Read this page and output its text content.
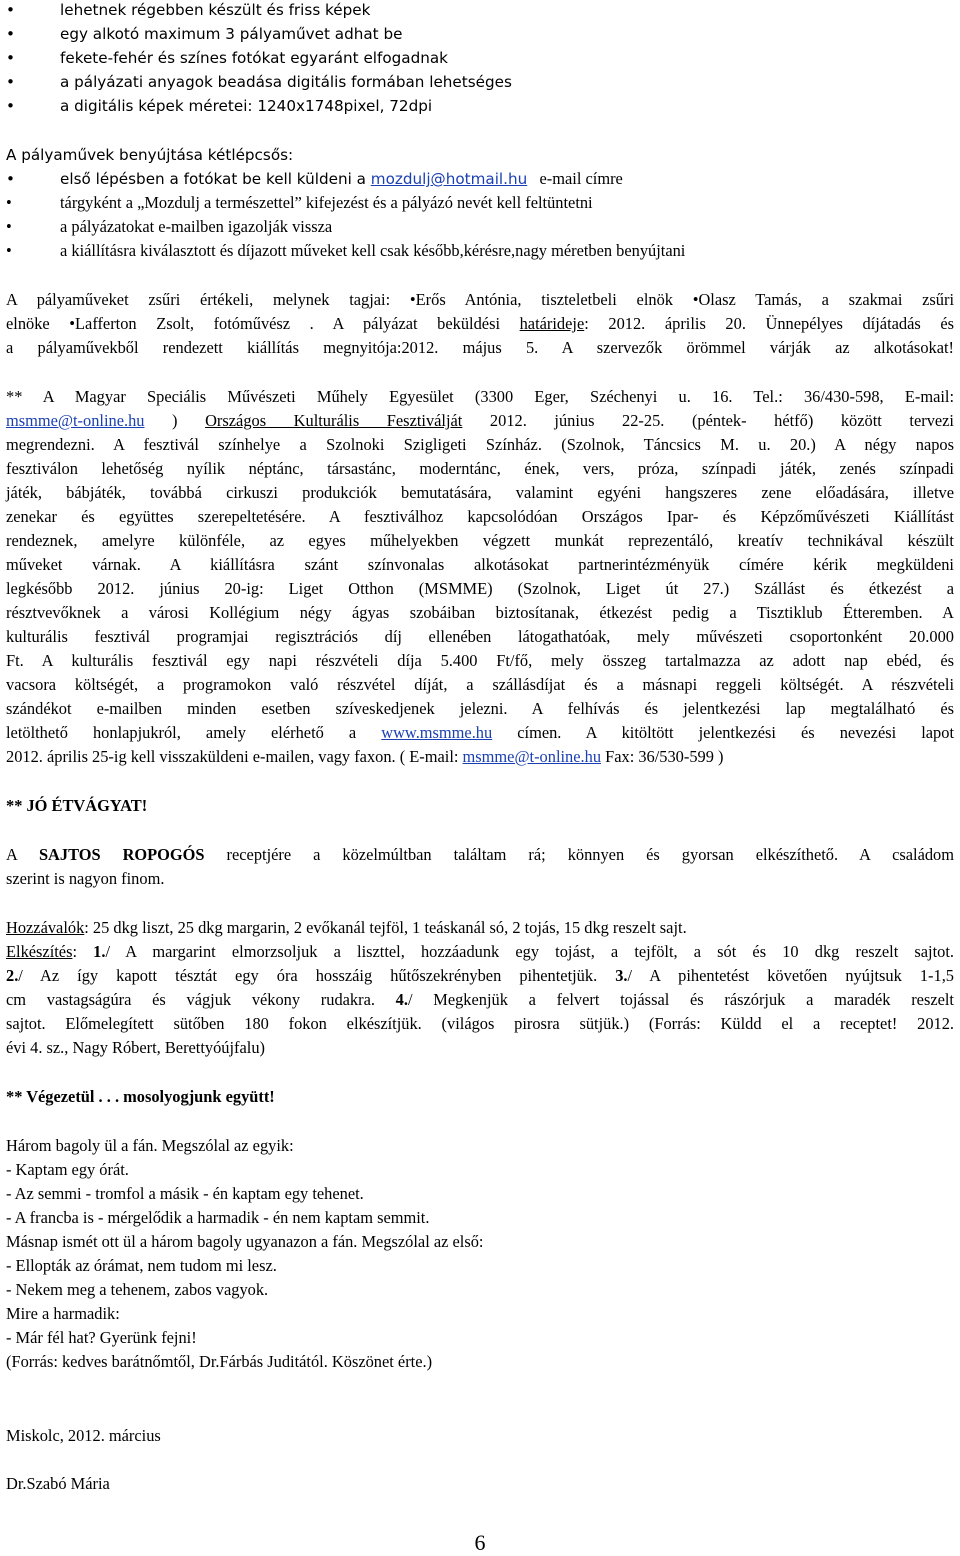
•	lehetnek régebben készült és friss képek
•	egy alkotó maximum 3 pályaművet adhat be
•	fekete-fehér és színes fotókat egyaránt elfogadnak
•	a pályázati anyagok beadása digitális formában lehetséges
•	a digitális képek méretei: 1240x1748pixel, 72dpi
A pályaművek benyújtása kétlépcsős:
•	első lépésben a fotókat be kell küldeni a mozdulj@hotmail.hu e-mail címre
•	tárgyként a „Mozdulj a természettel” kifejezést és a pályázó nevét kell feltüntetni
•	a pályázatokat e-mailben igazolják vissza
•	a kiállításra kiválasztott és díjazott műveket kell csak később,kérésre,nagy méretben benyújtani
A pályaműveket zsűri értékeli, melynek tagjai: •Erős Antónia, tiszteletbeli elnök •Olasz Tamás, a szakmai zsűri
elnöke •Lafferton Zsolt, fotóművész . A pályázat beküldési határideje: 2012. április 20. Ünnepélyes díjátadás és
a pályaművekből rendezett kiállítás megnyitója:2012. május 5. A szervezők örömmel várják az alkotásokat!
** A Magyar Speciális Művészeti Műhely Egyesület (3300 Eger, Széchenyi u. 16. Tel.: 36/430-598, E-mail:
msmme@t-online.hu ) Országos Kulturális Fesztiválját 2012. június 22-25. (péntek- hétfő) között tervezi
megrendezni. A fesztivál színhelye a Szolnoki Szigligeti Színház. (Szolnok, Táncsics M. u. 20.) A négy napos
fesztiválon lehetőség nyílik néptánc, társastánc, moderntánc, ének, vers, próza, színpadi játék, zenés színpadi
játék, bábjáték, továbbá cirkuszi produkciók bemutatására, valamint egyéni hangszeres zene előadására, illetve
zenekar és együttes szerepeltetésére. A fesztiválhoz kapcsolódóan Országos Ipar- és Képzőművészeti Kiállítást
rendeznek, amelyre különféle, az egyes műhelyekben végzett munkát reprezentáló, kreatív technikával készült
műveket várnak. A kiállításra szánt színvonalas alkotásokat partnerintézményük címére kérik megküldeni
legkésőbb 2012. június 20-ig: Liget Otthon (MSMME) (Szolnok, Liget út 27.) Szállást és étkezést a
résztvevőknek a városi Kollégium négy ágyas szobáiban biztosítanak, étkezést pedig a Tisztiklub Étteremben. A
kulturális fesztivál programjai regisztrációs díj ellenében látogathatóak, mely művészeti csoportonként 20.000
Ft. A kulturális fesztivál egy napi részvételi díja 5.400 Ft/fő, mely összeg tartalmazza az adott nap ebéd, és
vacsora költségét, a programokon való részvétel díját, a szállásdíjat és a másnapi reggeli költségét. A részvételi
szándékot e-mailben minden esetben szíveskedjenek jelezni. A felhívás és jelentkezési lap megtalálható és
letölthető honlapjukról, amely elérhető a www.msmme.hu címen. A kitöltött jelentkezési és nevezési lapot
2012. április 25-ig kell visszaküldeni e-mailen, vagy faxon. ( E-mail: msmme@t-online.hu Fax: 36/530-599 )
** JÓ ÉTVÁGYAT!
A SAJTOS ROPOGÓS receptjére a közelmúltban találtam rá; könnyen és gyorsan elkészíthető. A családom
szerint is nagyon finom.
Hozzávalók: 25 dkg liszt, 25 dkg margarin, 2 evőkanál tejföl, 1 teáskanál só, 2 tojás, 15 dkg reszelt sajt.
Elkészítés: 1./ A margarint elmorzsoljuk a liszttel, hozzáadunk egy tojást, a tejfölt, a sót és 10 dkg reszelt sajtot.
2./ Az így kapott tésztát egy óra hosszáig hűtőszekrényben pihentetjük. 3./ A pihentetést követően nyújtsuk 1-1,5
cm vastagságúra és vágjuk vékony rudakra. 4./ Megkenjük a felvert tojással és rászórjuk a maradék reszelt
sajtot. Előmelegített sütőben 180 fokon elkészítjük. (világos pirosra sütjük.) (Forrás: Küldd el a receptet! 2012.
évi 4. sz., Nagy Róbert, Berettyóújfalu)
** Végezetül . . . mosolyogjunk együtt!
Három bagoly ül a fán. Megszólal az egyik:
- Kaptam egy órát.
- Az semmi - tromfol a másik - én kaptam egy tehenet.
- A francba is - mérgelődik a harmadik - én nem kaptam semmit.
Másnap ismét ott ül a három bagoly ugyanazon a fán. Megszólal az első:
- Ellopták az órámat, nem tudom mi lesz.
- Nekem meg a tehenem, zabos vagyok.
Mire a harmadik:
- Már fél hat? Gyerünk fejni!
(Forrás: kedves barátnőmtől, Dr.Fárbás Juditától. Köszönet érte.)
Miskolc, 2012. március
Dr.Szabó Mária
6
